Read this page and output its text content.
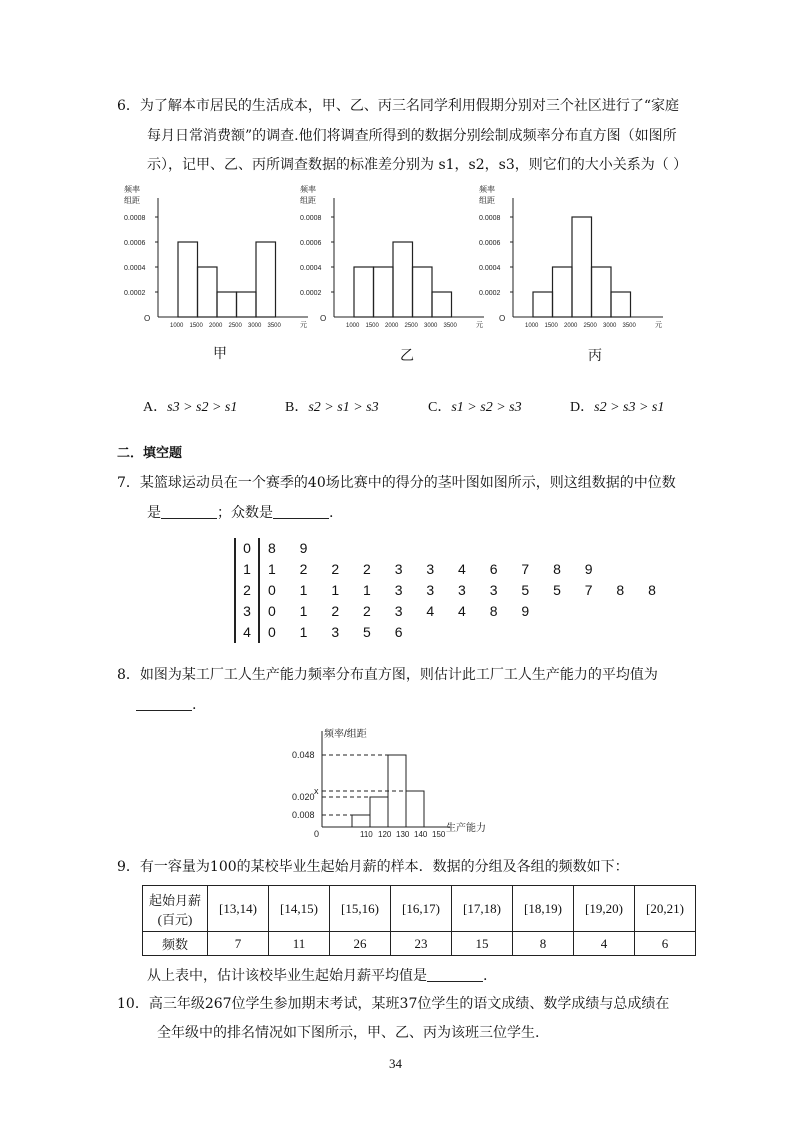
6．为了解本市居民的生活成本，甲、乙、丙三名同学利用假期分别对三个社区进行了“家庭
每月日常消费额”的调查.他们将调查所得到的数据分别绘制成频率分布直方图（如图所
示），记甲、乙、丙所调查数据的标准差分别为 s1，s2，s3，则它们的大小关系为（ ）
频率
组距
O
0.0008
0.0006
0.0004
0.0002
1000 1500 2000 2500 3000 3500	元
频率
组距
O
0.0008
0.0006
0.0004
0.0002
1000 1500 2000 2500 3000 3500	元
频率
组距
O
0.0008
0.0006
0.0004
0.0002
1000 1500 2000 2500 3000 3500	元
甲	乙	丙
A．s3 > s2 > s1	B．s2 > s1 > s3	C．s1 > s2 > s3	D．s2 > s3 > s1
二．填空题
7．某篮球运动员在一个赛季的40场比赛中的得分的茎叶图如图所示，则这组数据的中位数
是	；众数是	.
0	8 9
1	1 2 2 2 3 3 4 6 7 8 9
2	0 1 1 1 3 3 3 3 5 5 7 8 8
3	0 1 2 2 3 4 4 8 9
4	0 1 3 5 6
8．如图为某工厂工人生产能力频率分布直方图，则估计此工厂工人生产能力的平均值为
.
频率/组距
生产能力
0	110 120 130 140 150
0.048
x
0.020
0.008
9．有一容量为100的某校毕业生起始月薪的样本．数据的分组及各组的频数如下：
起始月薪
(百元)	[13,14)	[14,15)	[15,16)	[16,17)	[17,18)	[18,19)	[19,20)	[20,21)
频数	7	11	26	23	15	8	4	6
从上表中，估计该校毕业生起始月薪平均值是	.
10．高三年级267位学生参加期末考试，某班37位学生的语文成绩、数学成绩与总成绩在
全年级中的排名情况如下图所示，甲、乙、丙为该班三位学生.
34
